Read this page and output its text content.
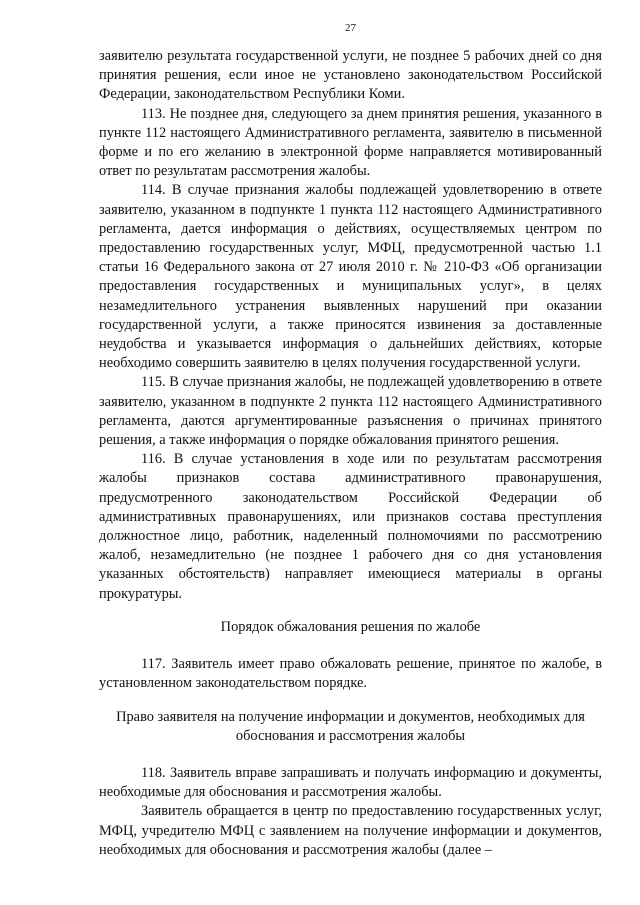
27

заявителю результата государственной услуги, не позднее 5 рабочих дней со дня принятия решения, если иное не установлено законодательством Российской Федерации, законодательством Республики Коми.

113. Не позднее дня, следующего за днем принятия решения, указанного в пункте 112 настоящего Административного регламента, заявителю в письменной форме и по его желанию в электронной форме направляется мотивированный ответ по результатам рассмотрения жалобы.

114. В случае признания жалобы подлежащей удовлетворению в ответе заявителю, указанном в подпункте 1 пункта 112 настоящего Административного регламента, дается информация о действиях, осуществляемых центром по предоставлению государственных услуг, МФЦ, предусмотренной частью 1.1 статьи 16 Федерального закона от 27 июля 2010 г. № 210-ФЗ «Об организации предоставления государственных и муниципальных услуг», в целях незамедлительного устранения выявленных нарушений при оказании государственной услуги, а также приносятся извинения за доставленные неудобства и указывается информация о дальнейших действиях, которые необходимо совершить заявителю в целях получения государственной услуги.

115. В случае признания жалобы, не подлежащей удовлетворению в ответе заявителю, указанном в подпункте 2 пункта 112 настоящего Административного регламента, даются аргументированные разъяснения о причинах принятого решения, а также информация о порядке обжалования принятого решения.

116. В случае установления в ходе или по результатам рассмотрения жалобы признаков состава административного правонарушения, предусмотренного законодательством Российской Федерации об административных правонарушениях, или признаков состава преступления должностное лицо, работник, наделенный полномочиями по рассмотрению жалоб, незамедлительно (не позднее 1 рабочего дня со дня установления указанных обстоятельств) направляет имеющиеся материалы в органы прокуратуры.

Порядок обжалования решения по жалобе

117. Заявитель имеет право обжаловать решение, принятое по жалобе, в установленном законодательством порядке.

Право заявителя на получение информации и документов, необходимых для обоснования и рассмотрения жалобы

118. Заявитель вправе запрашивать и получать информацию и документы, необходимые для обоснования и рассмотрения жалобы.

Заявитель обращается в центр по предоставлению государственных услуг, МФЦ, учредителю МФЦ с заявлением на получение информации и документов, необходимых для обоснования и рассмотрения жалобы (далее –
